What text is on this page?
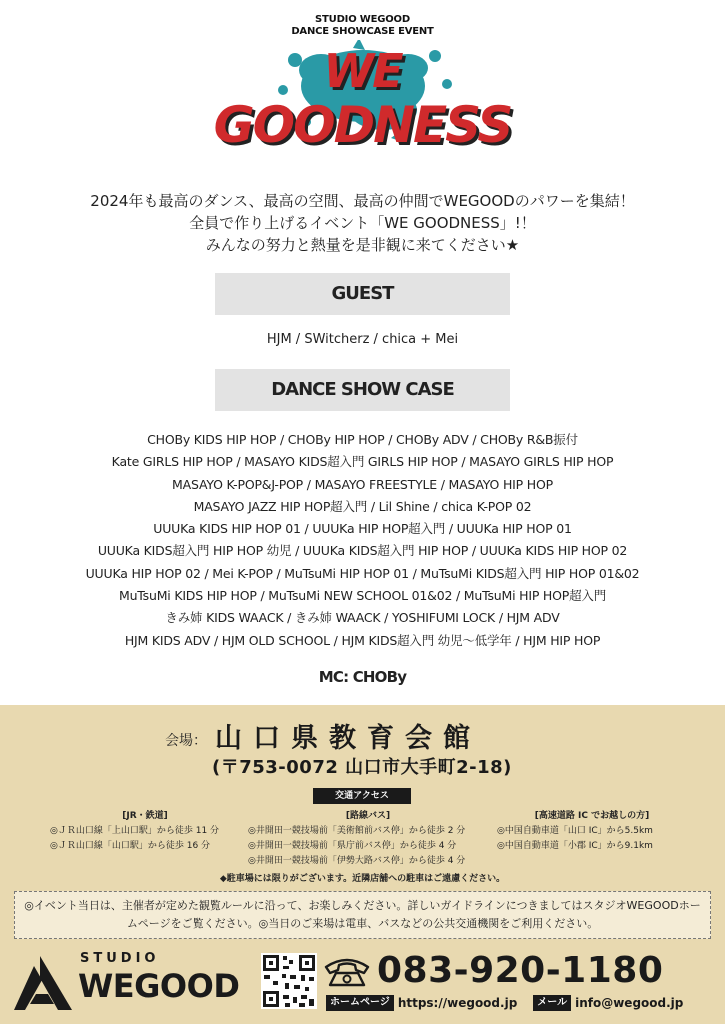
STUDIO WEGOOD
DANCE SHOWCASE EVENT
WE
GOODNESS
2024年も最高のダンス、最高の空間、最高の仲間でWEGOODのパワーを集結！
全員で作り上げるイベント「WE GOODNESS」!！
みんなの努力と熱量を是非観に来てください★
GUEST
HJM / SWitcherz / chica + Mei
DANCE SHOW CASE
CHOBy KIDS HIP HOP / CHOBy HIP HOP / CHOBy ADV / CHOBy R&B振付
Kate GIRLS HIP HOP / MASAYO KIDS超入門 GIRLS HIP HOP / MASAYO GIRLS HIP HOP
MASAYO K-POP&J-POP / MASAYO FREESTYLE / MASAYO HIP HOP
MASAYO JAZZ HIP HOP超入門 / Lil Shine / chica K-POP 02
UUUKa KIDS HIP HOP 01 / UUUKa HIP HOP超入門 / UUUKa HIP HOP 01
UUUKa KIDS超入門 HIP HOP 幼児 / UUUKa KIDS超入門 HIP HOP / UUUKa KIDS HIP HOP 02
UUUKa HIP HOP 02 / Mei K-POP / MuTsuMi HIP HOP 01 / MuTsuMi KIDS超入門 HIP HOP 01&02
MuTsuMi KIDS HIP HOP / MuTsuMi NEW SCHOOL 01&02 / MuTsuMi HIP HOP超入門
きみ姉 KIDS WAACK / きみ姉 WAACK / YOSHIFUMI LOCK / HJM ADV
HJM KIDS ADV / HJM OLD SCHOOL / HJM KIDS超入門 幼児〜低学年 / HJM HIP HOP
MC: CHOBy
会場： 山口県教育会館
(〒753-0072 山口市大手町2-18)
交通アクセス
[JR・鉄道]
◎ＪＲ山口線「上山口駅」から徒歩 11 分
◎ＪＲ山口線「山口駅」から徒歩 16 分
[路線バス]
◎井開田一競技場前「美術館前バス停」から徒歩 2 分
◎井開田一競技場前「県庁前バス停」から徒歩 4 分
◎井開田一競技場前「伊勢大路バス停」から徒歩 4 分
[高速道路 IC でお越しの方]
◎中国自動車道「山口 IC」から5.5km
◎中国自動車道「小郡 IC」から9.1km
◆駐車場には限りがございます。近隣店舗への駐車はご遠慮ください。
◎イベント当日は、主催者が定めた観覧ルールに沿って、お楽しみください。詳しいガイドラインにつきましてはスタジオWEGOODホームページをご覧ください。◎当日のご来場は電車、バスなどの公共交通機関をご利用ください。
STUDIO
WEGOOD	083-920-1180
ホームページ https://wegood.jp	メール info@wegood.jp
